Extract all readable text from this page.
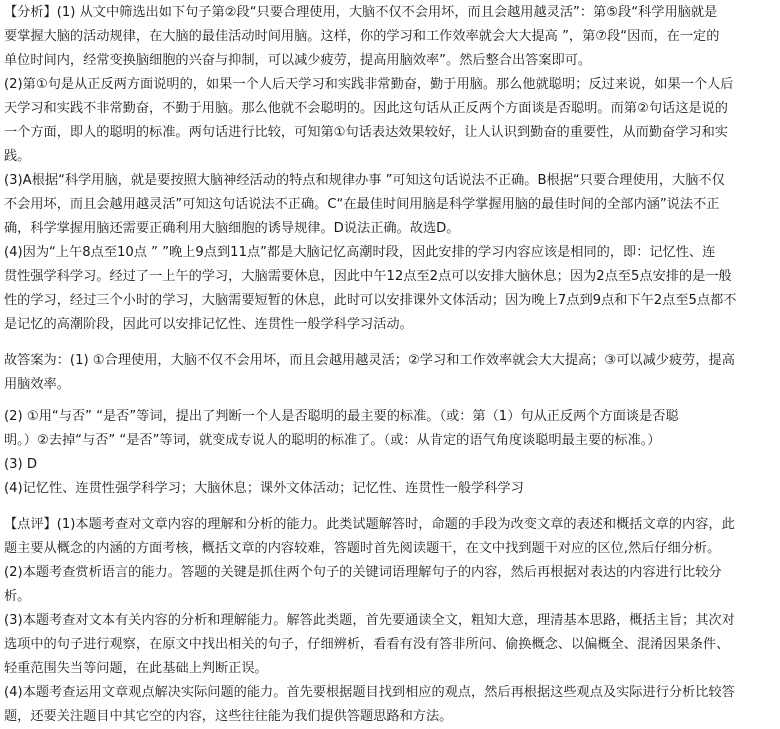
【分析】(1) 从文中筛选出如下句子第②段“只要合理使用，大脑不仅不会用坏，而且会越用越灵活”：第⑤段“科学用脑就是
要掌握大脑的活动规律，在大脑的最佳活动时间用脑。这样，你的学习和工作效率就会大大提高 ”，第⑦段“因而，在一定的
单位时间内，经常变换脑细胞的兴奋与抑制，可以减少疲劳，提高用脑效率”。然后整合出答案即可。
(2)第①句是从正反两方面说明的，如果一个人后天学习和实践非常勤奋，勤于用脑。那么他就聪明；反过来说，如果一个人后
天学习和实践不非常勤奋，不勤于用脑。那么他就不会聪明的。因此这句话从正反两个方面谈是否聪明。而第②句话这是说的
一个方面，即人的聪明的标准。两句话进行比较，可知第①句话表达效果较好，让人认识到勤奋的重要性，从而勤奋学习和实
践。
(3)A根据“科学用脑，就是要按照大脑神经活动的特点和规律办事 ”可知这句话说法不正确。B根据“只要合理使用，大脑不仅
不会用坏，而且会越用越灵活”可知这句话说法不正确。C“在最佳时间用脑是科学掌握用脑的最佳时间的全部内涵”说法不正
确，科学掌握用脑还需要正确利用大脑细胞的诱导规律。D说法正确。故选D。
(4)因为“上午8点至10点 ” ”晚上9点到11点”都是大脑记忆高潮时段，因此安排的学习内容应该是相同的，即：记忆性、连
贯性强学科学习。经过了一上午的学习，大脑需要休息，因此中午12点至2点可以安排大脑休息；因为2点至5点安排的是一般
性的学习，经过三个小时的学习，大脑需要短暂的休息，此时可以安排课外文体活动；因为晚上7点到9点和下午2点至5点都不
是记忆的高潮阶段，因此可以安排记忆性、连贯性一般学科学习活动。
故答案为：(1) ①合理使用，大脑不仅不会用坏，而且会越用越灵活；②学习和工作效率就会大大提高；③可以减少疲劳，提高
用脑效率。
(2) ①用“与否” “是否”等词，提出了判断一个人是否聪明的最主要的标准。（或：第（1）句从正反两个方面谈是否聪
明。）②去掉“与否” “是否”等词，就变成专说人的聪明的标准了。（或：从肯定的语气角度谈聪明最主要的标准。）
(3) D
(4)记忆性、连贯性强学科学习；大脑休息；课外文体活动；记忆性、连贯性一般学科学习
【点评】(1)本题考查对文章内容的理解和分析的能力。此类试题解答时，命题的手段为改变文章的表述和概括文章的内容，此
题主要从概念的内涵的方面考核，概括文章的内容较难，答题时首先阅读题干，在文中找到题干对应的区位,然后仔细分析。
(2)本题考查赏析语言的能力。答题的关键是抓住两个句子的关键词语理解句子的内容，然后再根据对表达的内容进行比较分
析。
(3)本题考查对文本有关内容的分析和理解能力。解答此类题，首先要通读全文，粗知大意，理清基本思路，概括主旨；其次对
选项中的句子进行观察，在原文中找出相关的句子，仔细辨析，看看有没有答非所问、偷换概念、以偏概全、混淆因果条件、
轻重范围失当等问题，在此基础上判断正误。
(4)本题考查运用文章观点解决实际问题的能力。首先要根据题目找到相应的观点，然后再根据这些观点及实际进行分析比较答
题，还要关注题目中其它空的内容，这些往往能为我们提供答题思路和方法。
